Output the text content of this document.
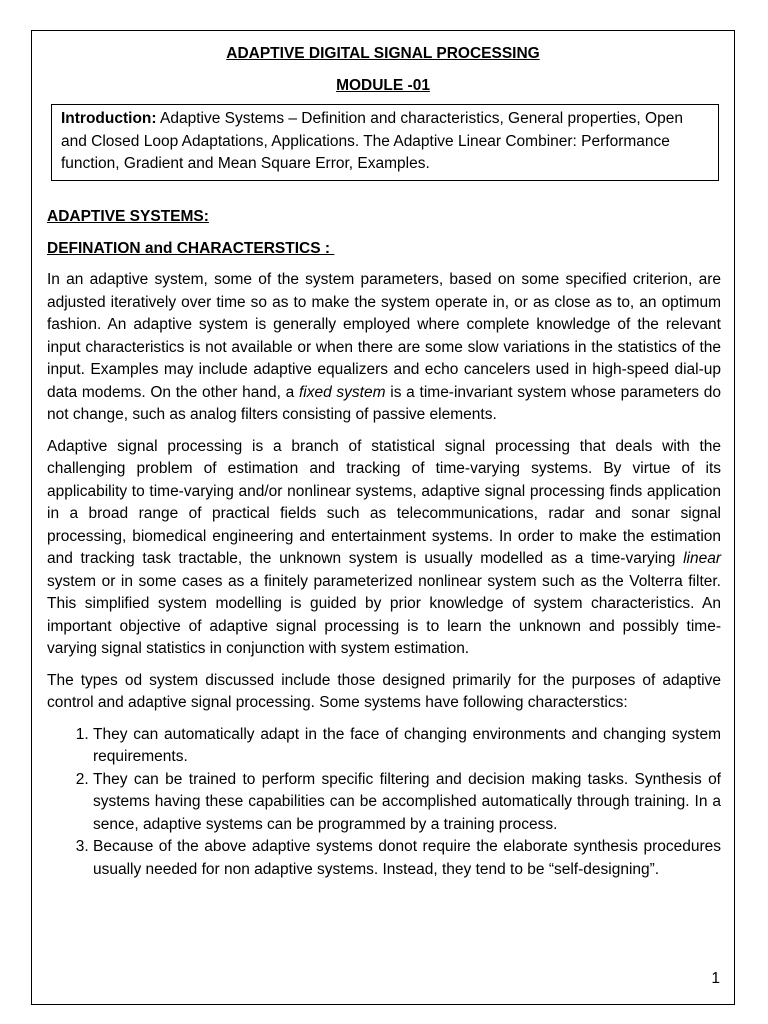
ADAPTIVE DIGITAL SIGNAL PROCESSING
MODULE -01
Introduction: Adaptive Systems – Definition and characteristics, General properties, Open and Closed Loop Adaptations, Applications. The Adaptive Linear Combiner: Performance function, Gradient and Mean Square Error, Examples.
ADAPTIVE SYSTEMS:
DEFINATION and CHARACTERSTICS :

In an adaptive system, some of the system parameters, based on some specified criterion, are adjusted iteratively over time so as to make the system operate in, or as close as to, an optimum fashion. An adaptive system is generally employed where complete knowledge of the relevant input characteristics is not available or when there are some slow variations in the statistics of the input. Examples may include adaptive equalizers and echo cancelers used in high-speed dial-up data modems. On the other hand, a fixed system is a time-invariant system whose parameters do not change, such as analog filters consisting of passive elements.

Adaptive signal processing is a branch of statistical signal processing that deals with the challenging problem of estimation and tracking of time-varying systems. By virtue of its applicability to time-varying and/or nonlinear systems, adaptive signal processing finds application in a broad range of practical fields such as telecommunications, radar and sonar signal processing, biomedical engineering and entertainment systems. In order to make the estimation and tracking task tractable, the unknown system is usually modelled as a time-varying linear system or in some cases as a finitely parameterized nonlinear system such as the Volterra filter. This simplified system modelling is guided by prior knowledge of system characteristics. An important objective of adaptive signal processing is to learn the unknown and possibly time-varying signal statistics in conjunction with system estimation.

The types od system discussed include those designed primarily for the purposes of adaptive control and adaptive signal processing. Some systems have following characterstics:

1. They can automatically adapt in the face of changing environments and changing system requirements.
2. They can be trained to perform specific filtering and decision making tasks. Synthesis of systems having these capabilities can be accomplished automatically through training. In a sence, adaptive systems can be programmed by a training process.
3. Because of the above adaptive systems donot require the elaborate synthesis procedures usually needed for non adaptive systems. Instead, they tend to be “self-designing”.
1
